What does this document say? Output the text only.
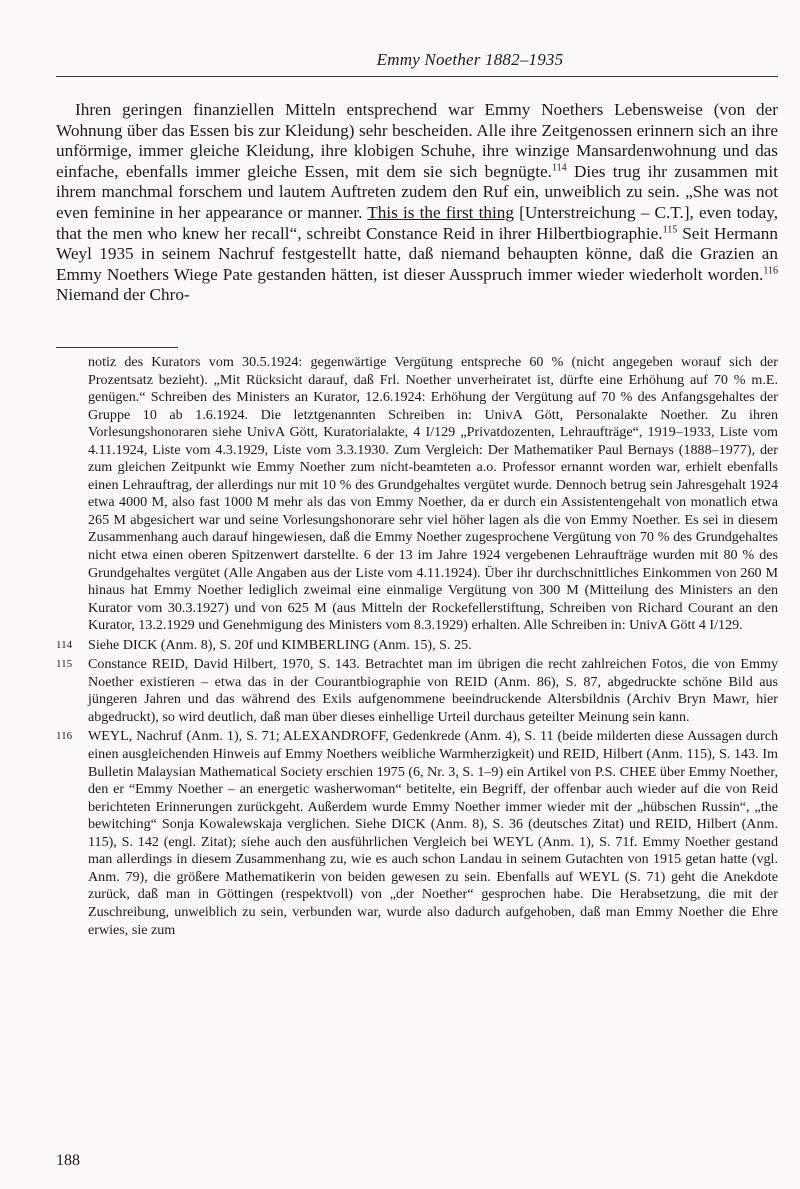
Emmy Noether 1882–1935

Ihren geringen finanziellen Mitteln entsprechend war Emmy Noethers Lebensweise (von der Wohnung über das Essen bis zur Kleidung) sehr bescheiden. Alle ihre Zeitgenossen erinnern sich an ihre unförmige, immer gleiche Kleidung, ihre klobigen Schuhe, ihre winzige Mansardenwohnung und das einfache, ebenfalls immer gleiche Essen, mit dem sie sich begnügte.$^{114}$ Dies trug ihr zusammen mit ihrem manchmal forschem und lautem Auftreten zudem den Ruf ein, unweiblich zu sein. „She was not even feminine in her appearance or manner. This is the first thing [Unterstreichung – C.T.], even today, that the men who knew her recall“, schreibt Constance Reid in ihrer Hilbertbiographie.$^{115}$ Seit Hermann Weyl 1935 in seinem Nachruf festgestellt hatte, daß niemand behaupten könne, daß die Grazien an Emmy Noethers Wiege Pate gestanden hätten, ist dieser Ausspruch immer wieder wiederholt worden.$^{116}$ Niemand der Chro-

notiz des Kurators vom 30.5.1924: gegenwärtige Vergütung entspreche 60 % (nicht angegeben worauf sich der Prozentsatz bezieht). „Mit Rücksicht darauf, daß Frl. Noether unverheiratet ist, dürfte eine Erhöhung auf 70 % m.E. genügen.“ Schreiben des Ministers an Kurator, 12.6.1924: Erhöhung der Vergütung auf 70 % des Anfangsgehaltes der Gruppe 10 ab 1.6.1924. Die letztgenannten Schreiben in: UnivA Gött, Personalakte Noether. Zu ihren Vorlesungshonoraren siehe UnivA Gött, Kuratorialakte, 4 I/129 „Privatdozenten, Lehraufträge“, 1919–1933, Liste vom 4.11.1924, Liste vom 4.3.1929, Liste vom 3.3.1930. Zum Vergleich: Der Mathematiker Paul Bernays (1888–1977), der zum gleichen Zeitpunkt wie Emmy Noether zum nicht-beamteten a.o. Professor ernannt worden war, erhielt ebenfalls einen Lehrauftrag, der allerdings nur mit 10 % des Grundgehaltes vergütet wurde. Dennoch betrug sein Jahresgehalt 1924 etwa 4000 M, also fast 1000 M mehr als das von Emmy Noether, da er durch ein Assistentengehalt von monatlich etwa 265 M abgesichert war und seine Vorlesungshonorare sehr viel höher lagen als die von Emmy Noether. Es sei in diesem Zusammenhang auch darauf hingewiesen, daß die Emmy Noether zugesprochene Vergütung von 70 % des Grundgehaltes nicht etwa einen oberen Spitzenwert darstellte. 6 der 13 im Jahre 1924 vergebenen Lehraufträge wurden mit 80 % des Grundgehaltes vergütet (Alle Angaben aus der Liste vom 4.11.1924). Über ihr durchschnittliches Einkommen von 260 M hinaus hat Emmy Noether lediglich zweimal eine einmalige Vergütung von 300 M (Mitteilung des Ministers an den Kurator vom 30.3.1927) und von 625 M (aus Mitteln der Rockefellerstiftung, Schreiben von Richard Courant an den Kurator, 13.2.1929 und Genehmigung des Ministers vom 8.3.1929) erhalten. Alle Schreiben in: UnivA Gött 4 I/129.

114 Siehe DICK (Anm. 8), S. 20f und KIMBERLING (Anm. 15), S. 25.

115 Constance REID, David Hilbert, 1970, S. 143. Betrachtet man im übrigen die recht zahlreichen Fotos, die von Emmy Noether existieren – etwa das in der Courantbiographie von REID (Anm. 86), S. 87, abgedruckte schöne Bild aus jüngeren Jahren und das während des Exils aufgenommene beeindruckende Altersbildnis (Archiv Bryn Mawr, hier abgedruckt), so wird deutlich, daß man über dieses einhellige Urteil durchaus geteilter Meinung sein kann.

116 WEYL, Nachruf (Anm. 1), S. 71; ALEXANDROFF, Gedenkrede (Anm. 4), S. 11 (beide milderten diese Aussagen durch einen ausgleichenden Hinweis auf Emmy Noethers weibliche Warmherzigkeit) und REID, Hilbert (Anm. 115), S. 143. Im Bulletin Malaysian Mathematical Society erschien 1975 (6, Nr. 3, S. 1–9) ein Artikel von P.S. CHEE über Emmy Noether, den er “Emmy Noether – an energetic washerwoman“ betitelte, ein Begriff, der offenbar auch wieder auf die von Reid berichteten Erinnerungen zurückgeht. Außerdem wurde Emmy Noether immer wieder mit der „hübschen Russin“, „the bewitching“ Sonja Kowalewskaja verglichen. Siehe DICK (Anm. 8), S. 36 (deutsches Zitat) und REID, Hilbert (Anm. 115), S. 142 (engl. Zitat); siehe auch den ausführlichen Vergleich bei WEYL (Anm. 1), S. 71f. Emmy Noether gestand man allerdings in diesem Zusammenhang zu, wie es auch schon Landau in seinem Gutachten von 1915 getan hatte (vgl. Anm. 79), die größere Mathematikerin von beiden gewesen zu sein. Ebenfalls auf WEYL (S. 71) geht die Anekdote zurück, daß man in Göttingen (respektvoll) von „der Noether“ gesprochen habe. Die Herabsetzung, die mit der Zuschreibung, unweiblich zu sein, verbunden war, wurde also dadurch aufgehoben, daß man Emmy Noether die Ehre erwies, sie zum

188
